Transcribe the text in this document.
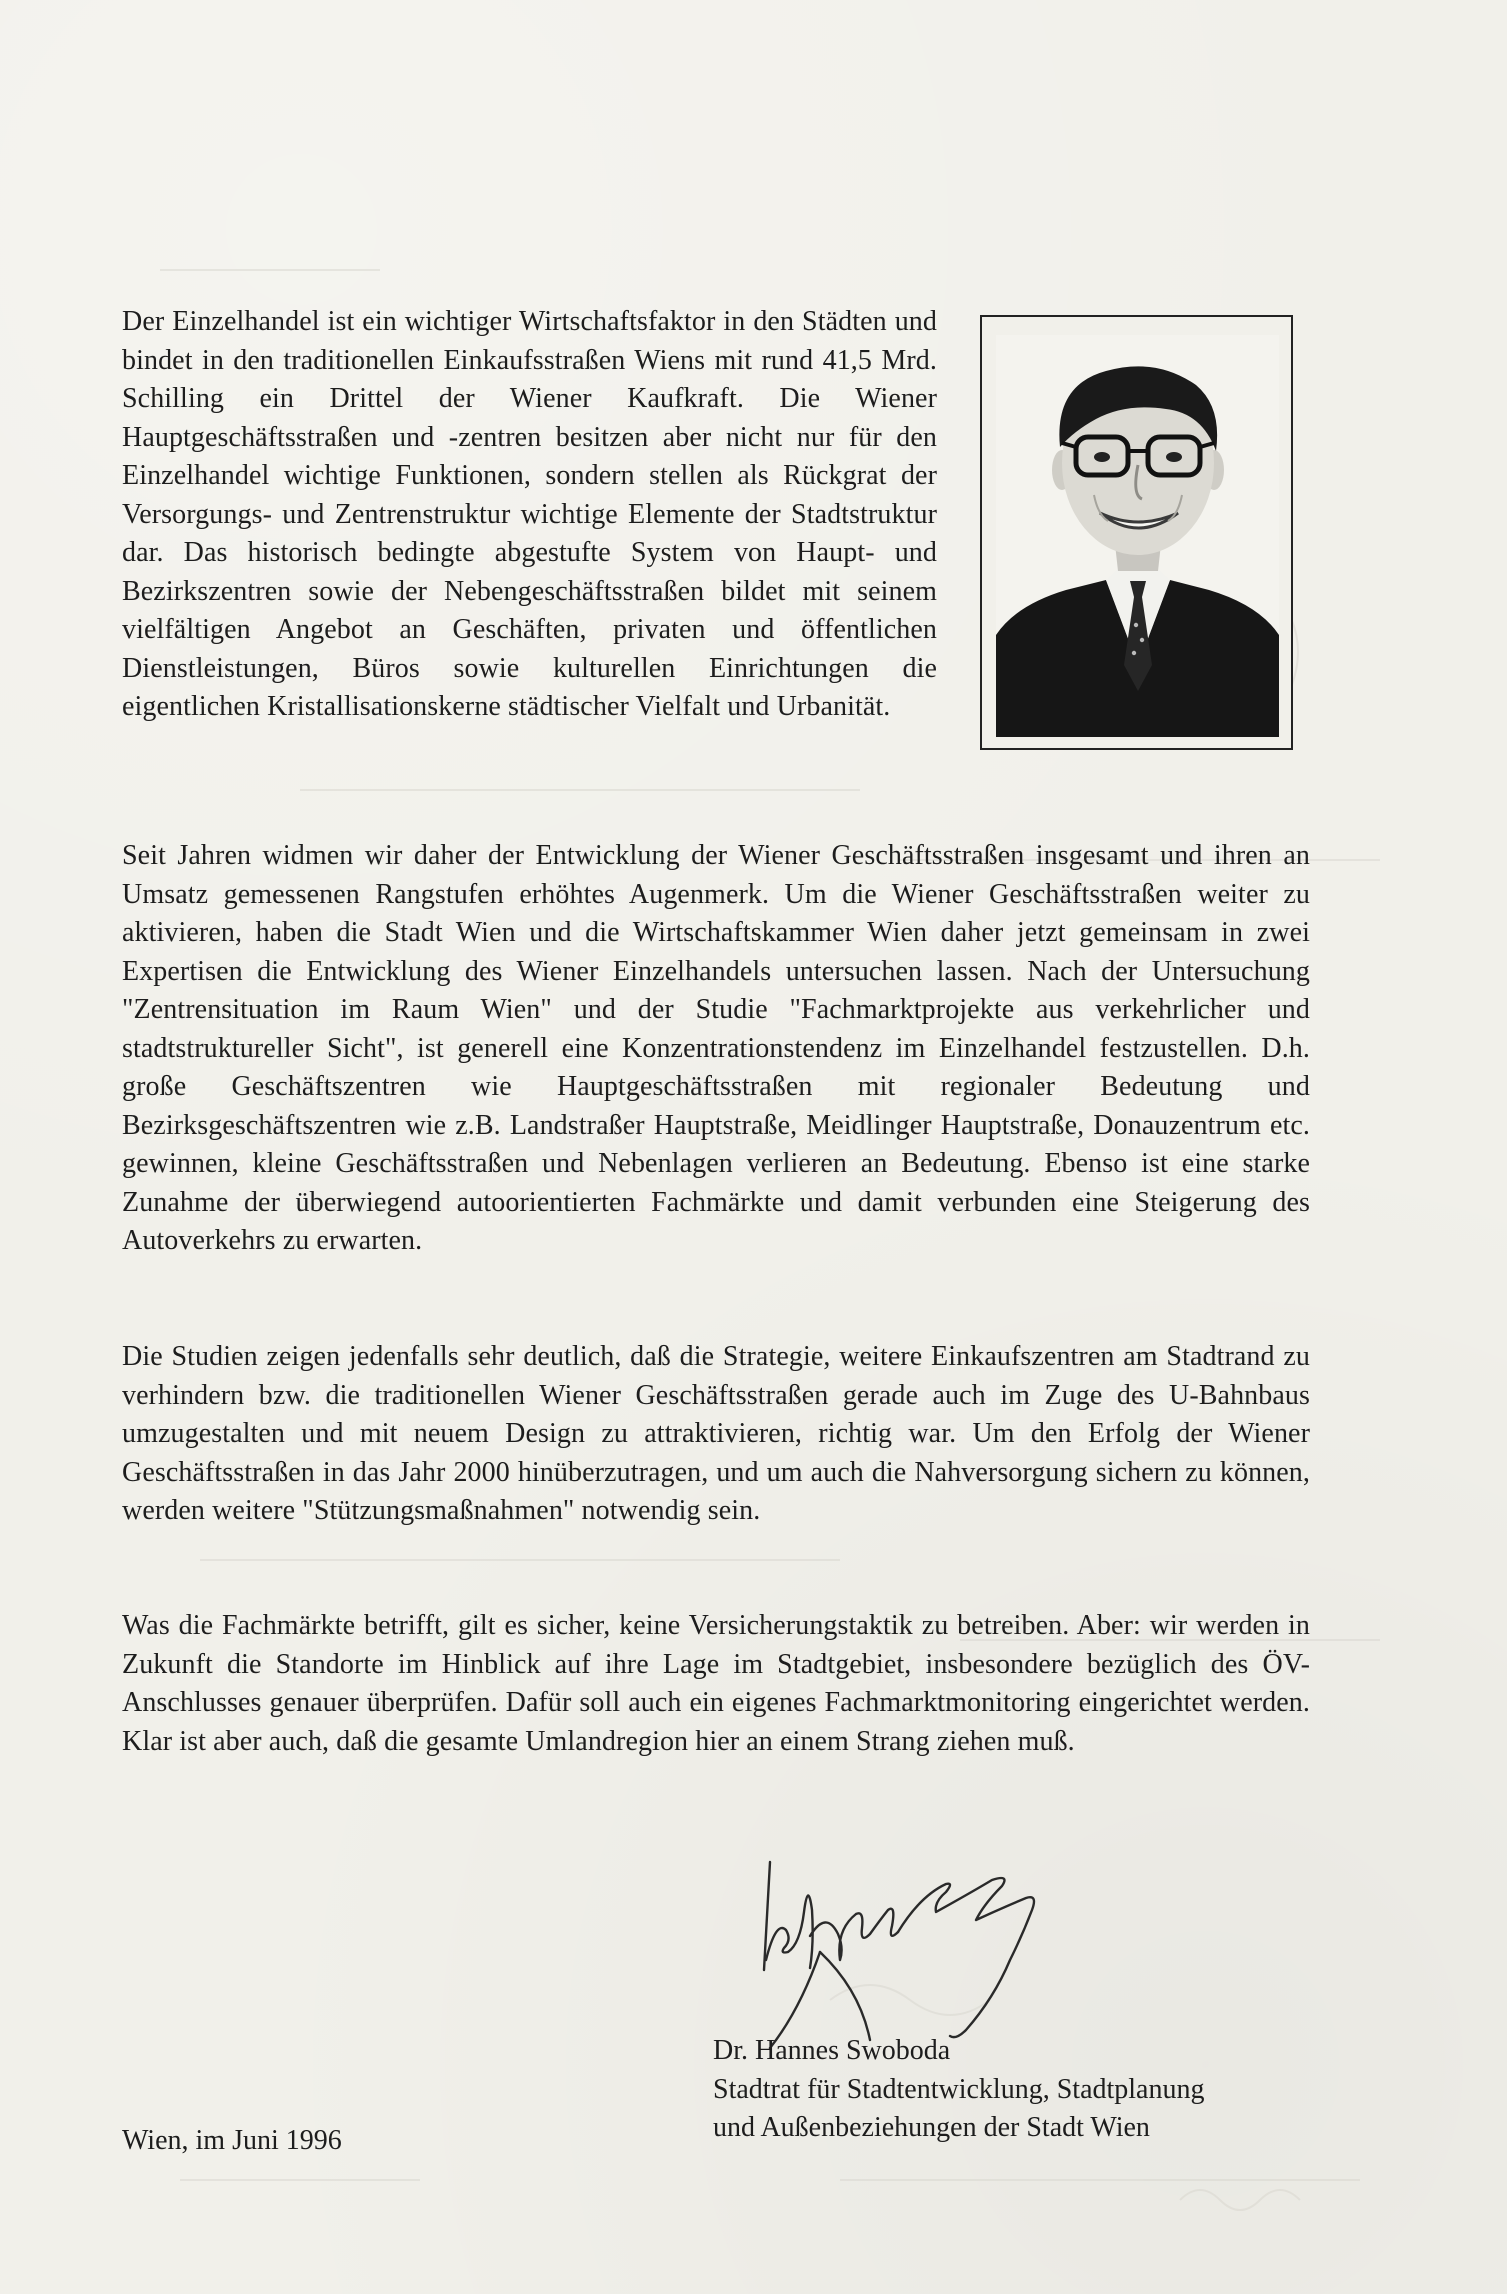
Der Einzelhandel ist ein wichtiger Wirtschaftsfaktor in den Städten und bindet in den traditionellen Einkaufsstraßen Wiens mit rund 41,5 Mrd. Schilling ein Drittel der Wiener Kaufkraft. Die Wiener Hauptgeschäftsstraßen und -zentren besitzen aber nicht nur für den Einzelhandel wichtige Funktionen, sondern stellen als Rückgrat der Versorgungs- und Zentrenstruktur wichtige Elemente der Stadtstruktur dar. Das historisch bedingte abgestufte System von Haupt- und Bezirkszentren sowie der Nebengeschäftsstraßen bildet mit seinem vielfältigen Angebot an Geschäften, privaten und öffentlichen Dienstleistungen, Büros sowie kulturellen Einrichtungen die eigentlichen Kristallisationskerne städtischer Vielfalt und Urbanität.

Seit Jahren widmen wir daher der Entwicklung der Wiener Geschäftsstraßen insgesamt und ihren an Umsatz gemessenen Rangstufen erhöhtes Augenmerk. Um die Wiener Geschäftsstraßen weiter zu aktivieren, haben die Stadt Wien und die Wirtschaftskammer Wien daher jetzt gemeinsam in zwei Expertisen die Entwicklung des Wiener Einzelhandels untersuchen lassen. Nach der Untersuchung "Zentrensituation im Raum Wien" und der Studie "Fachmarktprojekte aus verkehrlicher und stadtstruktureller Sicht", ist generell eine Konzentrationstendenz im Einzelhandel festzustellen. D.h. große Geschäftszentren wie Hauptgeschäftsstraßen mit regionaler Bedeutung und Bezirksgeschäftszentren wie z.B. Landstraßer Hauptstraße, Meidlinger Hauptstraße, Donauzentrum etc. gewinnen, kleine Geschäftsstraßen und Nebenlagen verlieren an Bedeutung. Ebenso ist eine starke Zunahme der überwiegend autoorientierten Fachmärkte und damit verbunden eine Steigerung des Autoverkehrs zu erwarten.

Die Studien zeigen jedenfalls sehr deutlich, daß die Strategie, weitere Einkaufszentren am Stadtrand zu verhindern bzw. die traditionellen Wiener Geschäftsstraßen gerade auch im Zuge des U-Bahnbaus umzugestalten und mit neuem Design zu attraktivieren, richtig war. Um den Erfolg der Wiener Geschäftsstraßen in das Jahr 2000 hinüberzutragen, und um auch die Nahversorgung sichern zu können, werden weitere "Stützungsmaßnahmen" notwendig sein.

Was die Fachmärkte betrifft, gilt es sicher, keine Versicherungstaktik zu betreiben. Aber: wir werden in Zukunft die Standorte im Hinblick auf ihre Lage im Stadtgebiet, insbesondere bezüglich des ÖV-Anschlusses genauer überprüfen. Dafür soll auch ein eigenes Fachmarktmonitoring eingerichtet werden. Klar ist aber auch, daß die gesamte Umlandregion hier an einem Strang ziehen muß.

Dr. Hannes Swoboda
Stadtrat für Stadtentwicklung, Stadtplanung
und Außenbeziehungen der Stadt Wien

Wien, im Juni 1996
